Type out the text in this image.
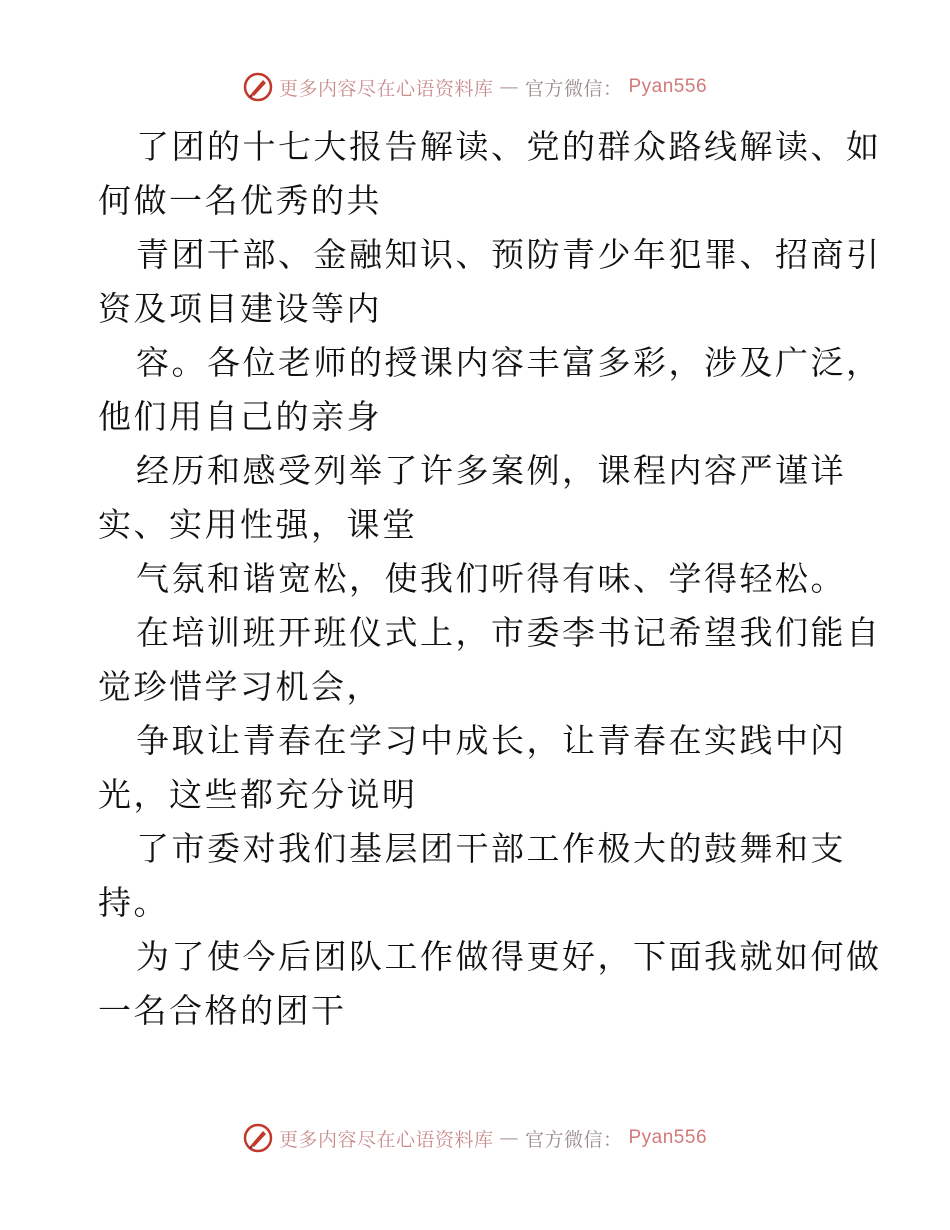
更多内容尽在心语资料库 — 官方微信： Pyan556
了团的十七大报告解读、党的群众路线解读、如
何做一名优秀的共
青团干部、金融知识、预防青少年犯罪、招商引
资及项目建设等内
容。各位老师的授课内容丰富多彩，涉及广泛，
他们用自己的亲身
经历和感受列举了许多案例，课程内容严谨详
实、实用性强，课堂
气氛和谐宽松，使我们听得有味、学得轻松。
在培训班开班仪式上，市委李书记希望我们能自
觉珍惜学习机会，
争取让青春在学习中成长，让青春在实践中闪
光，这些都充分说明
了市委对我们基层团干部工作极大的鼓舞和支
持。
为了使今后团队工作做得更好，下面我就如何做
一名合格的团干
更多内容尽在心语资料库 — 官方微信： Pyan556
